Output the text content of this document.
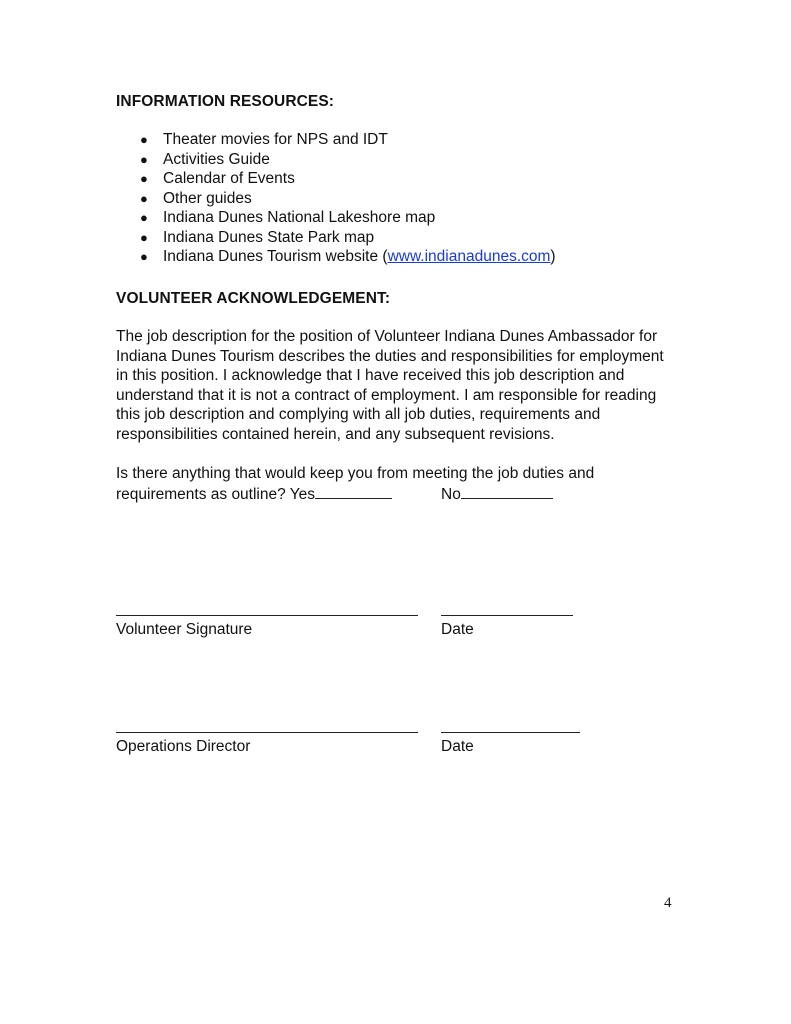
INFORMATION RESOURCES:
● Theater movies for NPS and IDT
● Activities Guide
● Calendar of Events
● Other guides
● Indiana Dunes National Lakeshore map
● Indiana Dunes State Park map
● Indiana Dunes Tourism website (www.indianadunes.com)
VOLUNTEER ACKNOWLEDGEMENT:

The job description for the position of Volunteer Indiana Dunes Ambassador for
Indiana Dunes Tourism describes the duties and responsibilities for employment
in this position. I acknowledge that I have received this job description and
understand that it is not a contract of employment. I am responsible for reading
this job description and complying with all job duties, requirements and
responsibilities contained herein, and any subsequent revisions.

Is there anything that would keep you from meeting the job duties and
requirements as outline? Yes	No

Volunteer Signature	Date
Operations Director	Date
4
